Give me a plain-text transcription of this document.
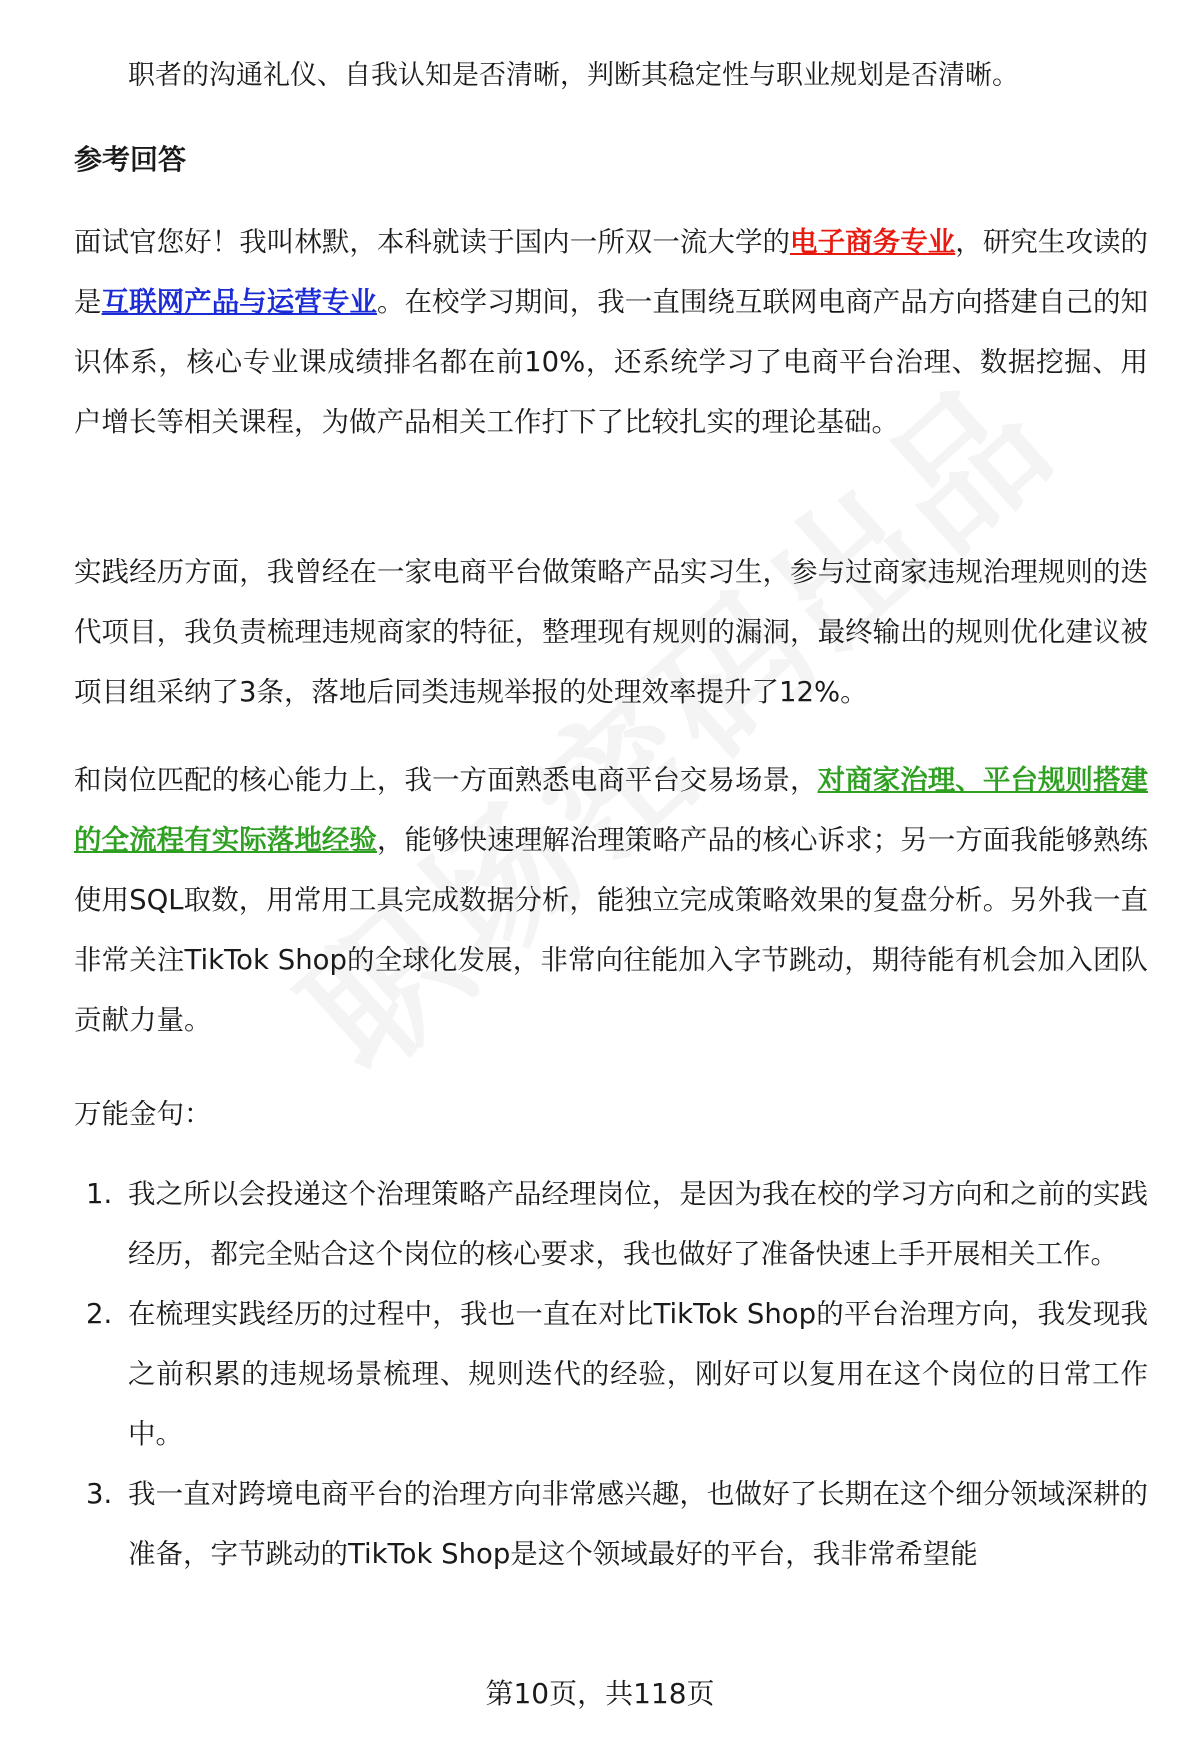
职者的沟通礼仪、自我认知是否清晰，判断其稳定性与职业规划是否清晰。
参考回答
面试官您好！我叫林默，本科就读于国内一所双一流大学的电子商务专业，研究生攻读的是互联网产品与运营专业。在校学习期间，我一直围绕互联网电商产品方向搭建自己的知识体系，核心专业课成绩排名都在前10%，还系统学习了电商平台治理、数据挖掘、用户增长等相关课程，为做产品相关工作打下了比较扎实的理论基础。
实践经历方面，我曾经在一家电商平台做策略产品实习生，参与过商家违规治理规则的迭代项目，我负责梳理违规商家的特征，整理现有规则的漏洞，最终输出的规则优化建议被项目组采纳了3条，落地后同类违规举报的处理效率提升了12%。
和岗位匹配的核心能力上，我一方面熟悉电商平台交易场景，对商家治理、平台规则搭建的全流程有实际落地经验，能够快速理解治理策略产品的核心诉求；另一方面我能够熟练使用SQL取数，用常用工具完成数据分析，能独立完成策略效果的复盘分析。另外我一直非常关注TikTok Shop的全球化发展，非常向往能加入字节跳动，期待能有机会加入团队贡献力量。
万能金句：
1. 我之所以会投递这个治理策略产品经理岗位，是因为我在校的学习方向和之前的实践经历，都完全贴合这个岗位的核心要求，我也做好了准备快速上手开展相关工作。
2. 在梳理实践经历的过程中，我也一直在对比TikTok Shop的平台治理方向，我发现我之前积累的违规场景梳理、规则迭代的经验，刚好可以复用在这个岗位的日常工作中。
3. 我一直对跨境电商平台的治理方向非常感兴趣，也做好了长期在这个细分领域深耕的准备，字节跳动的TikTok Shop是这个领域最好的平台，我非常希望能
第10页，共118页
